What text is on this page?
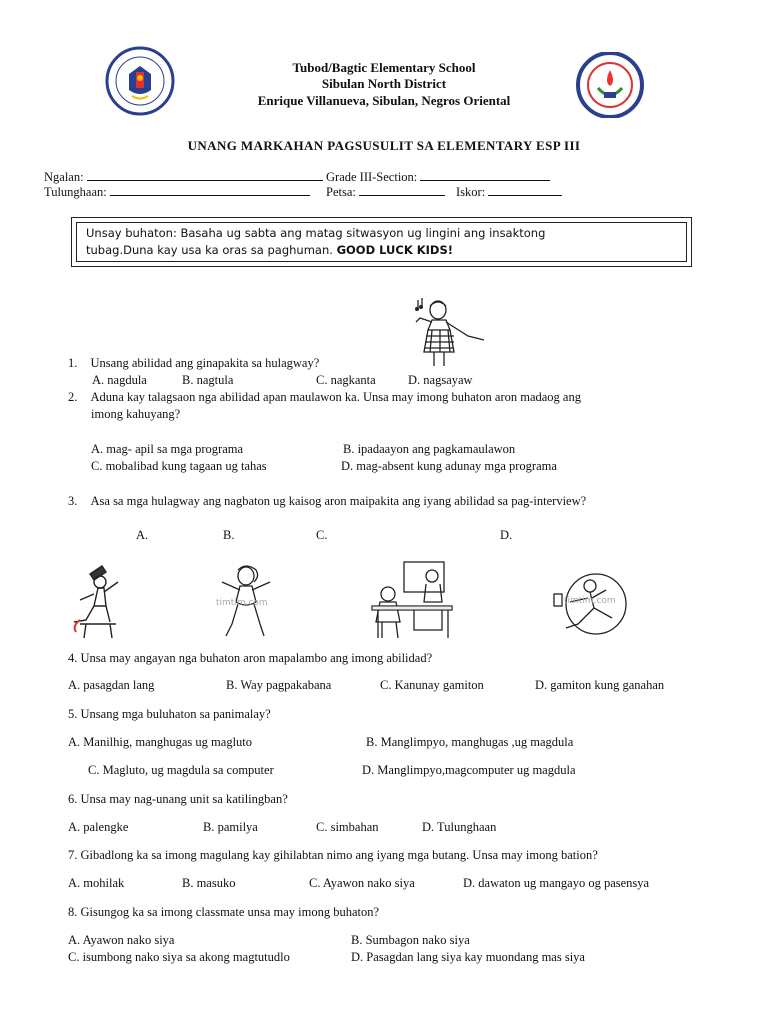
Tubod/Bagtic Elementary School
Sibulan North District
Enrique Villanueva, Sibulan, Negros Oriental
UNANG MARKAHAN PAGSUSULIT SA ELEMENTARY ESP III
Ngalan:	Grade III-Section:
Tulunghaan:	Petsa:	Iskor:
Unsay buhaton: Basaha ug sabta ang matag sitwasyon ug lingini ang insaktong
tubag.Duna kay usa ka oras sa paghuman. GOOD LUCK KIDS!
1. Unsang abilidad ang ginapakita sa hulagway?
A. nagdula	B. nagtula	C. nagkanta	D. nagsayaw
2. Aduna kay talagsaon nga abilidad apan maulawon ka. Unsa may imong buhaton aron madaog ang
imong kahuyang?
A. mag- apil sa mga programa	B. ipadaayon ang pagkamaulawon
C. mobalibad kung tagaan ug tahas	D. mag-absent kung adunay mga programa
3. Asa sa mga hulagway ang nagbaton ug kaisog aron maipakita ang iyang abilidad sa pag-interview?
A.	B.	C.	D.
timtim.com	timtim.com
4. Unsa may angayan nga buhaton aron mapalambo ang imong abilidad?
A. pasagdan lang	B. Way pagpakabana	C. Kanunay gamiton	D. gamiton kung ganahan
5. Unsang mga buluhaton sa panimalay?
A. Manilhig, manghugas ug magluto	B. Manglimpyo, manghugas ,ug magdula
C. Magluto, ug magdula sa computer	D. Manglimpyo,magcomputer ug magdula
6. Unsa may nag-unang unit sa katilingban?
A. palengke	B. pamilya	C. simbahan	D. Tulunghaan
7. Gibadlong ka sa imong magulang kay gihilabtan nimo ang iyang mga butang. Unsa may imong bation?
A. mohilak	B. masuko	C. Ayawon nako siya	D. dawaton ug mangayo og pasensya
8. Gisungog ka sa imong classmate unsa may imong buhaton?
A. Ayawon nako siya	B. Sumbagon nako siya
C. isumbong nako siya sa akong magtutudlo	D. Pasagdan lang siya kay muondang mas siya
